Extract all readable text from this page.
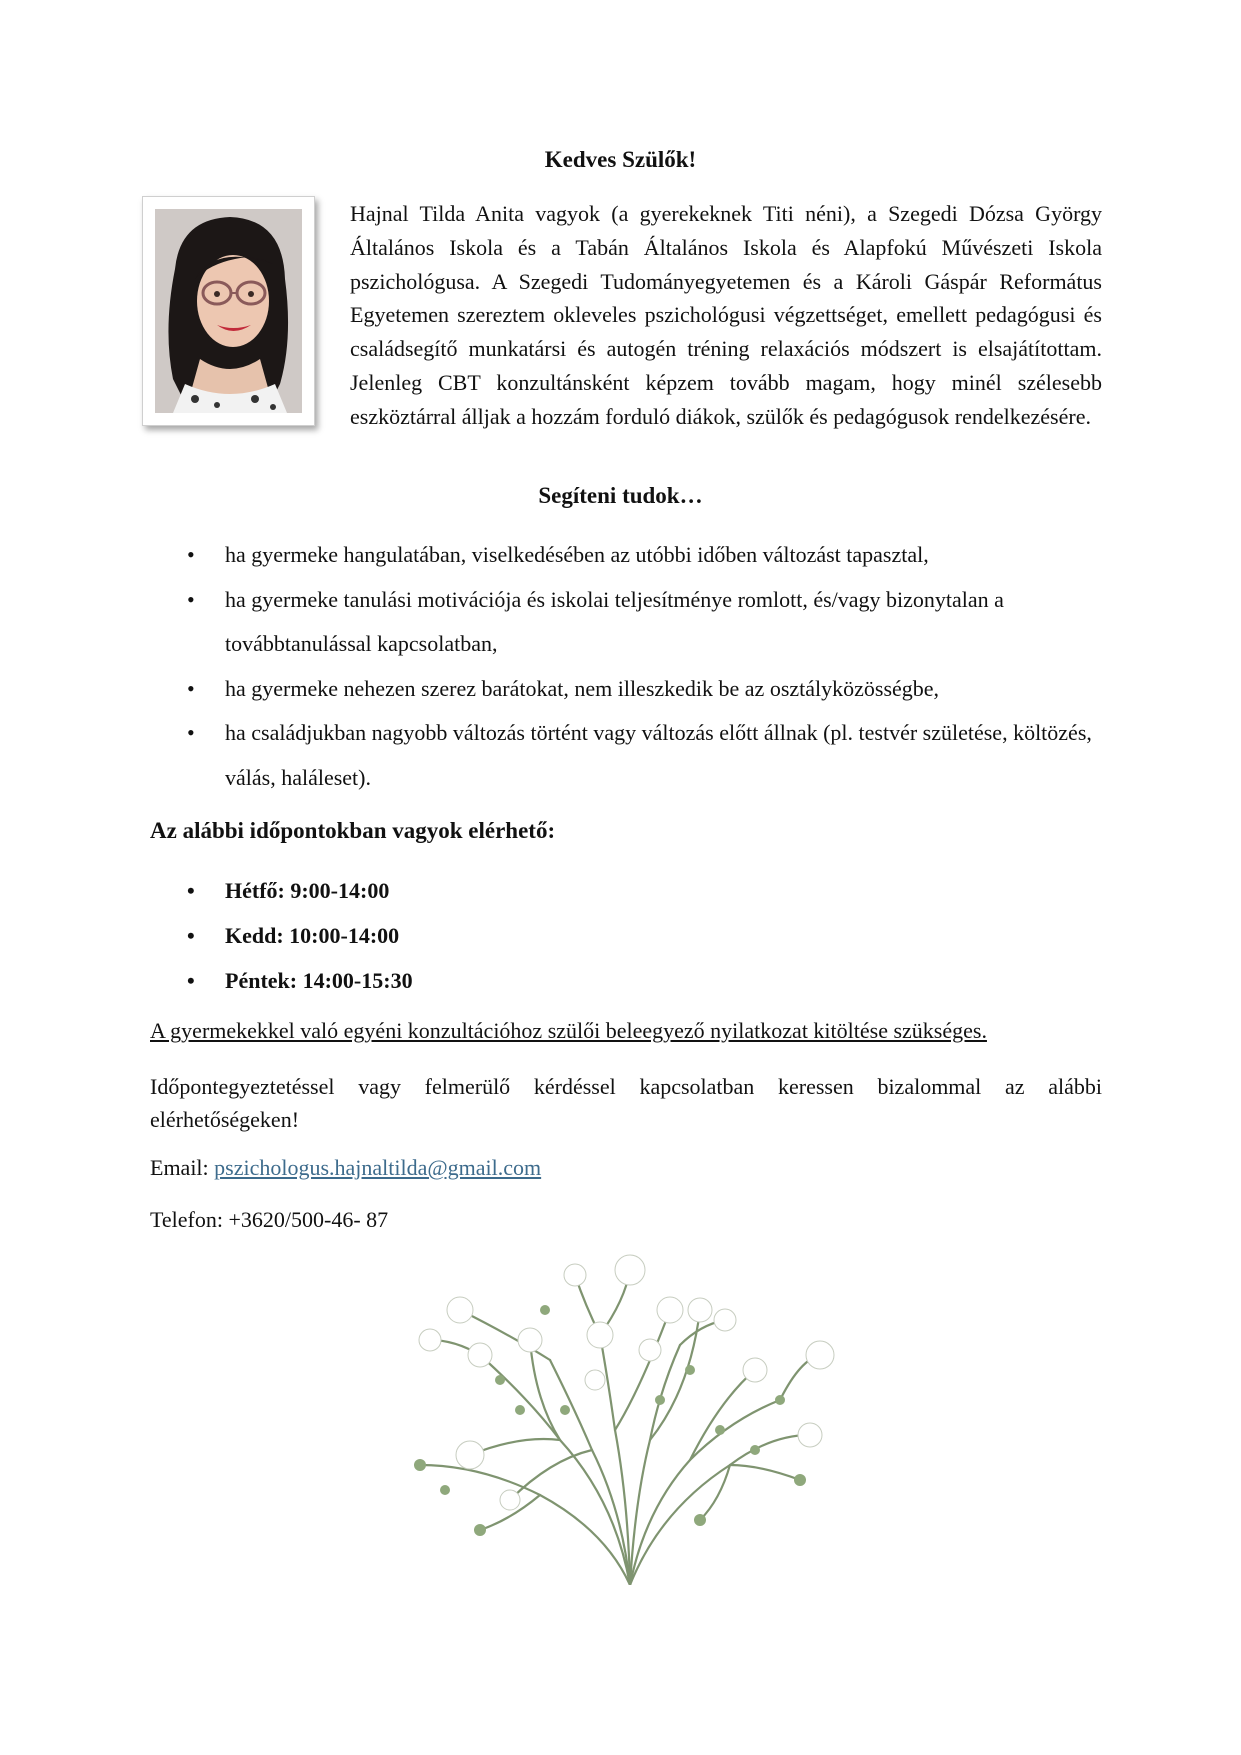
Kedves Szülők!
Hajnal Tilda Anita vagyok (a gyerekeknek Titi néni), a Szegedi Dózsa György Általános Iskola és a Tabán Általános Iskola és Alapfokú Művészeti Iskola pszichológusa. A Szegedi Tudományegyetemen és a Károli Gáspár Református Egyetemen szereztem okleveles pszichológusi végzettséget, emellett pedagógusi és családsegítő munkatársi és autogén tréning relaxációs módszert is elsajátítottam. Jelenleg CBT konzultánsként képzem tovább magam, hogy minél szélesebb eszköztárral álljak a hozzám forduló diákok, szülők és pedagógusok rendelkezésére.
Segíteni tudok…
• ha gyermeke hangulatában, viselkedésében az utóbbi időben változást tapasztal,
• ha gyermeke tanulási motivációja és iskolai teljesítménye romlott, és/vagy bizonytalan a továbbtanulással kapcsolatban,
• ha gyermeke nehezen szerez barátokat, nem illeszkedik be az osztályközösségbe,
• ha családjukban nagyobb változás történt vagy változás előtt állnak (pl. testvér születése, költözés, válás, haláleset).
Az alábbi időpontokban vagyok elérhető:
• Hétfő: 9:00-14:00
• Kedd: 10:00-14:00
• Péntek: 14:00-15:30
A gyermekekkel való egyéni konzultációhoz szülői beleegyező nyilatkozat kitöltése szükséges.
Időpontegyeztetéssel vagy felmerülő kérdéssel kapcsolatban keressen bizalommal az alábbi elérhetőségeken!
Email: pszichologus.hajnaltilda@gmail.com
Telefon: +3620/500-46- 87
